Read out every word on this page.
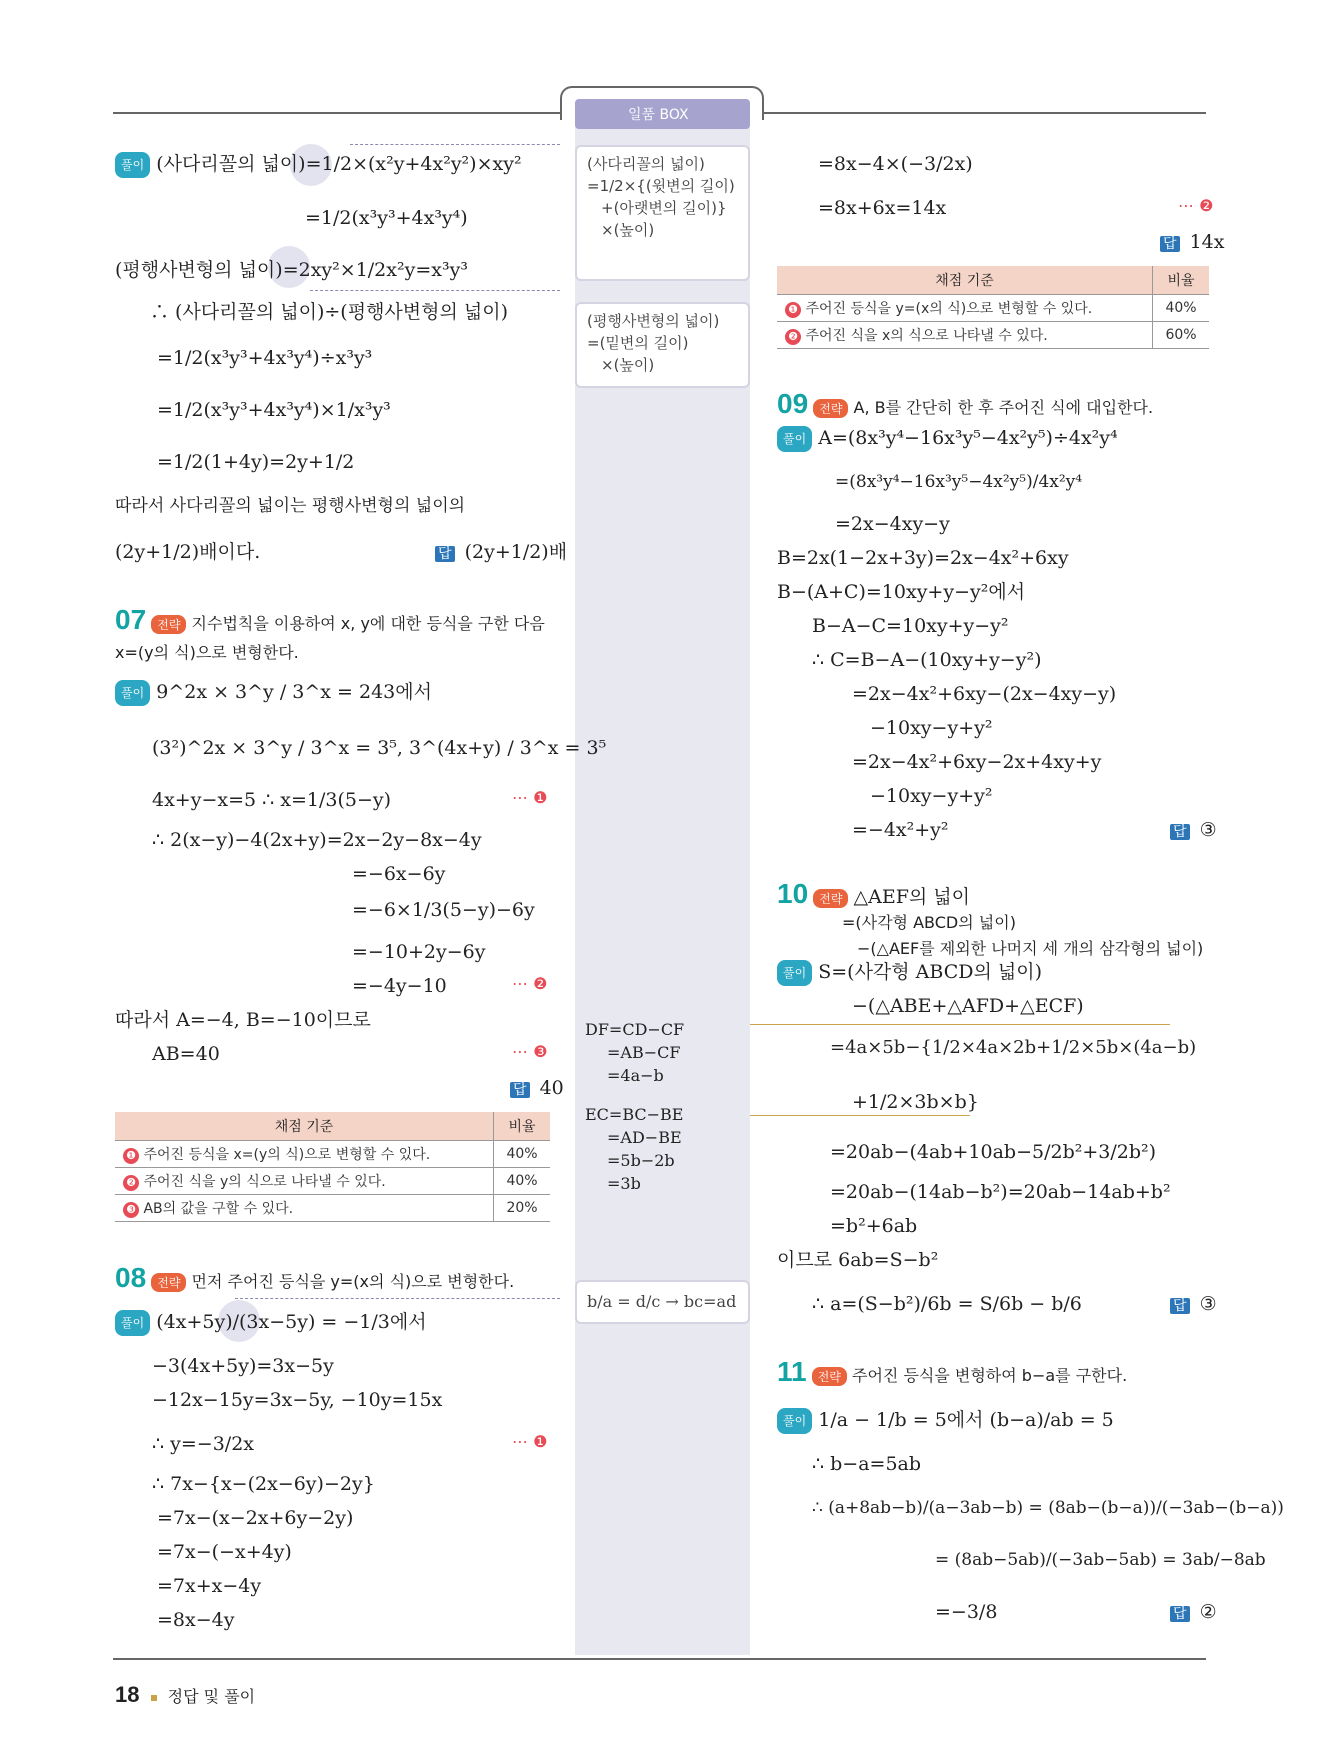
일품 BOX
(사다리꼴의 넓이)
=1/2×{(윗변의 길이)
+(아랫변의 길이)}
×(높이)
(평행사변형의 넓이)
=(밑변의 길이)
×(높이)
DF=CD−CF
=AB−CF
=4a−b
EC=BC−BE
=AD−BE
=5b−2b
=3b
b/a = d/c → bc=ad
풀이 (사다리꼴의 넓이)=1/2×(x²y+4x²y²)×xy²
=1/2(x³y³+4x³y⁴)
(평행사변형의 넓이)=2xy²×1/2x²y=x³y³
∴ (사다리꼴의 넓이)÷(평행사변형의 넓이)
=1/2(x³y³+4x³y⁴)÷x³y³
=1/2(x³y³+4x³y⁴)×1/x³y³
=1/2(1+4y)=2y+1/2
따라서 사다리꼴의 넓이는 평행사변형의 넓이의
(2y+1/2)배이다.	답 (2y+1/2)배
07 전략 지수법칙을 이용하여 x, y에 대한 등식을 구한 다음
x=(y의 식)으로 변형한다.
풀이 9^2x × 3^y / 3^x = 243에서
(3²)^2x × 3^y / 3^x = 3⁵, 3^(4x+y) / 3^x = 3⁵
4x+y−x=5 ∴ x=1/3(5−y)	⋯ ❶
∴ 2(x−y)−4(2x+y)=2x−2y−8x−4y
=−6x−6y
=−6×1/3(5−y)−6y
=−10+2y−6y
=−4y−10	⋯ ❷
따라서 A=−4, B=−10이므로
AB=40	⋯ ❸
답 40
채점 기준	비율
❶ 주어진 등식을 x=(y의 식)으로 변형할 수 있다.	40%
❷ 주어진 식을 y의 식으로 나타낼 수 있다.	40%
❸ AB의 값을 구할 수 있다.	20%
08 전략 먼저 주어진 등식을 y=(x의 식)으로 변형한다.
풀이 (4x+5y)/(3x−5y) = −1/3에서
−3(4x+5y)=3x−5y
−12x−15y=3x−5y, −10y=15x
∴ y=−3/2x	⋯ ❶
∴ 7x−{x−(2x−6y)−2y}
=7x−(x−2x+6y−2y)
=7x−(−x+4y)
=7x+x−4y
=8x−4y
=8x−4×(−3/2x)
=8x+6x=14x	⋯ ❷
답 14x
채점 기준	비율
❶ 주어진 등식을 y=(x의 식)으로 변형할 수 있다.	40%
❷ 주어진 식을 x의 식으로 나타낼 수 있다.	60%
09 전략 A, B를 간단히 한 후 주어진 식에 대입한다.
풀이 A=(8x³y⁴−16x³y⁵−4x²y⁵)÷4x²y⁴
=(8x³y⁴−16x³y⁵−4x²y⁵)/4x²y⁴
=2x−4xy−y
B=2x(1−2x+3y)=2x−4x²+6xy
B−(A+C)=10xy+y−y²에서
B−A−C=10xy+y−y²
∴ C=B−A−(10xy+y−y²)
=2x−4x²+6xy−(2x−4xy−y)
−10xy−y+y²
=2x−4x²+6xy−2x+4xy+y
−10xy−y+y²
=−4x²+y²	답 ③
10 전략 △AEF의 넓이
=(사각형 ABCD의 넓이)
−(△AEF를 제외한 나머지 세 개의 삼각형의 넓이)
풀이 S=(사각형 ABCD의 넓이)
−(△ABE+△AFD+△ECF)
=4a×5b−{1/2×4a×2b+1/2×5b×(4a−b)
+1/2×3b×b}
=20ab−(4ab+10ab−5/2b²+3/2b²)
=20ab−(14ab−b²)=20ab−14ab+b²
=b²+6ab
이므로 6ab=S−b²
∴ a=(S−b²)/6b = S/6b − b/6	답 ③
11 전략 주어진 등식을 변형하여 b−a를 구한다.
풀이 1/a − 1/b = 5에서 (b−a)/ab = 5
∴ b−a=5ab
∴ (a+8ab−b)/(a−3ab−b) = (8ab−(b−a))/(−3ab−(b−a))
= (8ab−5ab)/(−3ab−5ab) = 3ab/−8ab
=−3/8	답 ②
18 정답 및 풀이
